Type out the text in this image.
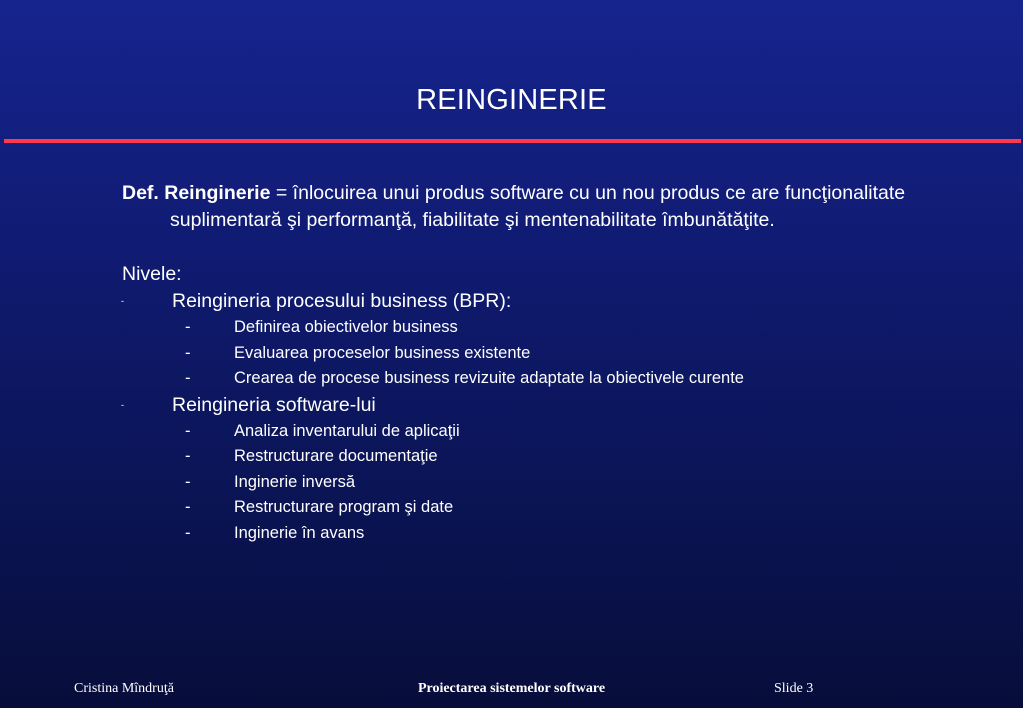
REINGINERIE

Def. Reinginerie = înlocuirea unui produs software cu un nou produs ce are funcţionalitate suplimentară şi performanţă, fiabilitate şi mentenabilitate îmbunătăţite.

Nivele:
- Reingineria procesului business (BPR):
-	Definirea obiectivelor business
-	Evaluarea proceselor business existente
-	Crearea de procese business revizuite adaptate la obiectivele curente
- Reingineria software-lui
-	Analiza inventarului de aplicaţii
-	Restructurare documentaţie
-	Inginerie inversă
-	Restructurare program şi date
-	Inginerie în avans
Cristina Mîndruţă	Proiectarea sistemelor software	Slide 3
